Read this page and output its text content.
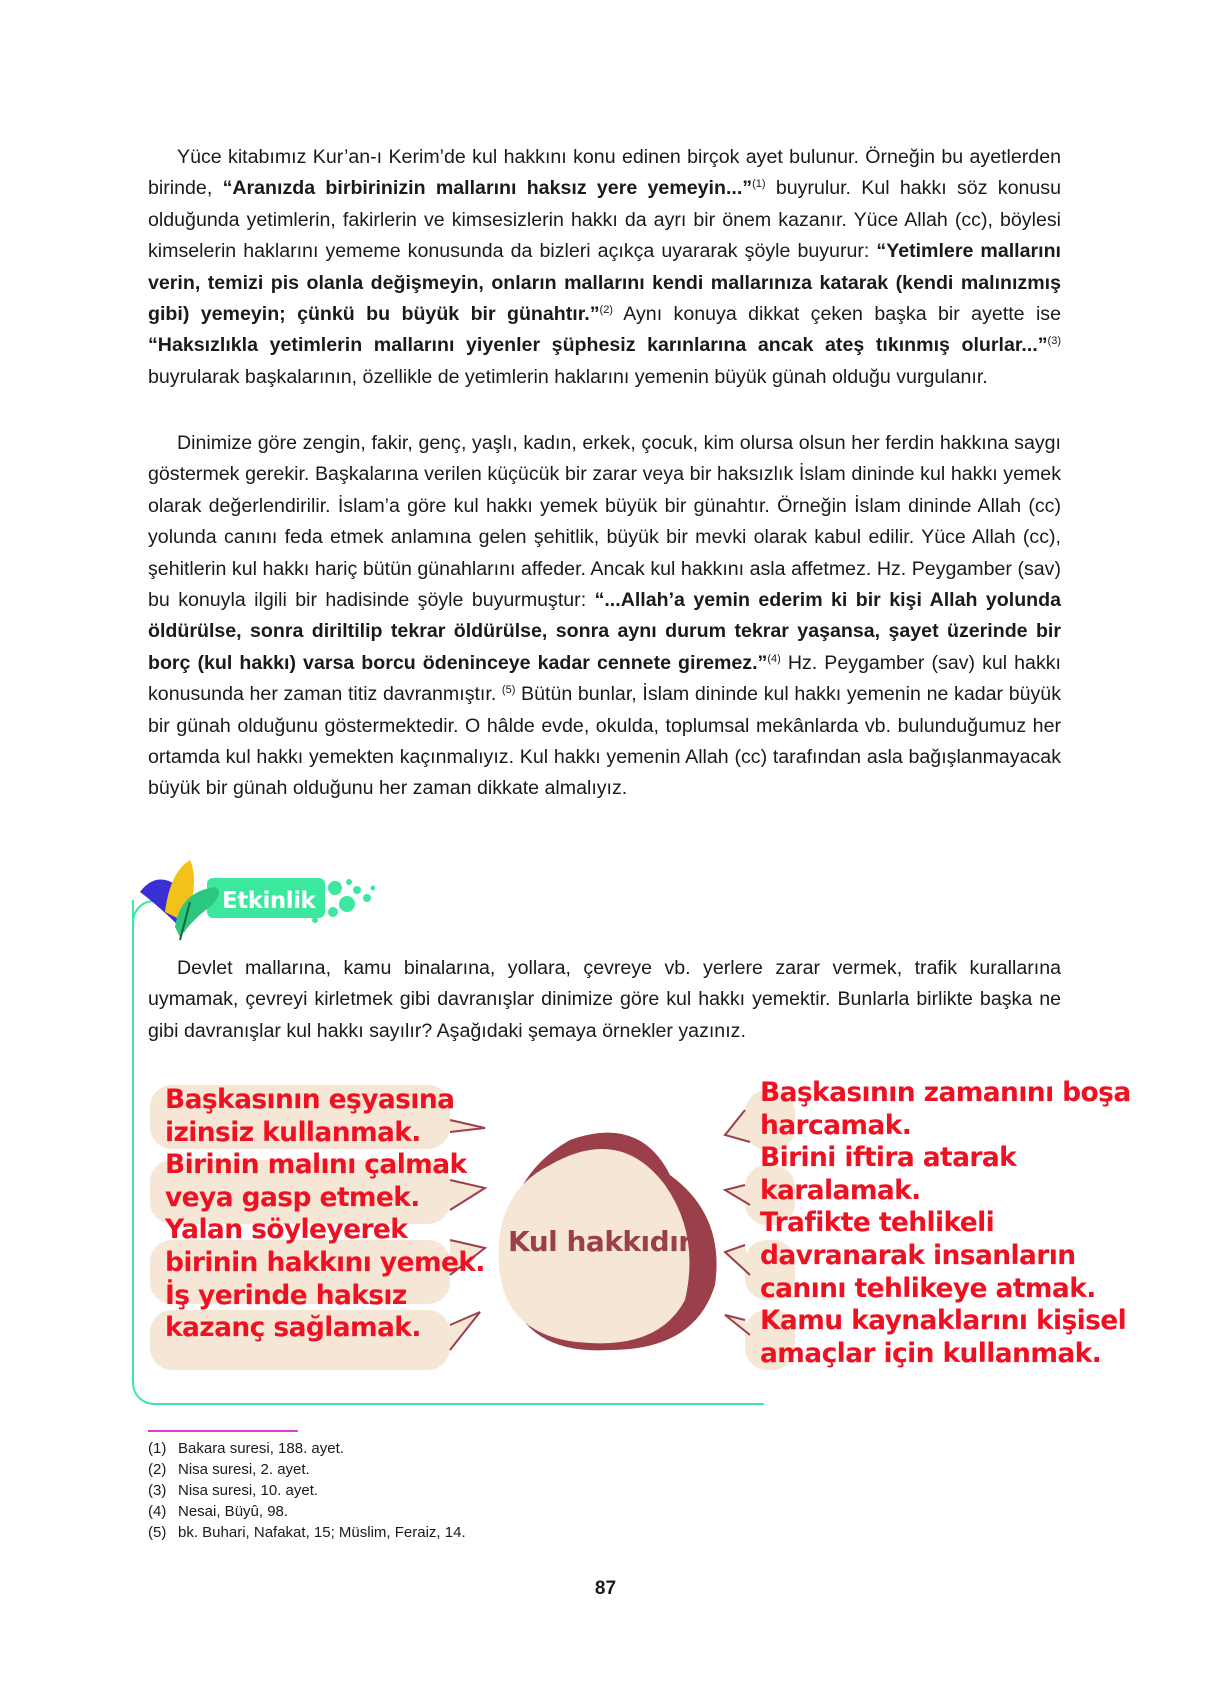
Yüce kitabımız Kur’an-ı Kerim’de kul hakkını konu edinen birçok ayet bulunur. Örneğin bu ayetlerden birinde, “Aranızda birbirinizin mallarını haksız yere yemeyin...”$^{(1)}$ buyrulur. Kul hakkı söz konusu olduğunda yetimlerin, fakirlerin ve kimsesizlerin hakkı da ayrı bir önem kazanır. Yüce Allah (cc), böylesi kimselerin haklarını yememe konusunda da bizleri açıkça uyararak şöyle buyurur: “Yetimlere mallarını verin, temizi pis olanla değişmeyin, onların mallarını kendi mallarınıza katarak (kendi malınızmış gibi) yemeyin; çünkü bu büyük bir günahtır.”$^{(2)}$ Aynı konuya dikkat çeken başka bir ayette ise “Haksızlıkla yetimlerin mallarını yiyenler şüphesiz karınlarına ancak ateş tıkınmış olurlar...”$^{(3)}$ buyrularak başkalarının, özellikle de yetimlerin haklarını yemenin büyük günah olduğu vurgulanır.

Dinimize göre zengin, fakir, genç, yaşlı, kadın, erkek, çocuk, kim olursa olsun her ferdin hakkına saygı göstermek gerekir. Başkalarına verilen küçücük bir zarar veya bir haksızlık İslam dininde kul hakkı yemek olarak değerlendirilir. İslam’a göre kul hakkı yemek büyük bir günahtır. Örneğin İslam dininde Allah (cc) yolunda canını feda etmek anlamına gelen şehitlik, büyük bir mevki olarak kabul edilir. Yüce Allah (cc), şehitlerin kul hakkı hariç bütün günahlarını affeder. Ancak kul hakkını asla affetmez. Hz. Peygamber (sav) bu konuyla ilgili bir hadisinde şöyle buyurmuştur: “...Allah’a yemin ederim ki bir kişi Allah yolunda öldürülse, sonra diriltilip tekrar öldürülse, sonra aynı durum tekrar yaşansa, şayet üzerinde bir borç (kul hakkı) varsa borcu ödeninceye kadar cennete giremez.”$^{(4)}$ Hz. Peygamber (sav) kul hakkı konusunda her zaman titiz davranmıştır. $^{(5)}$ Bütün bunlar, İslam dininde kul hakkı yemenin ne kadar büyük bir günah olduğunu göstermektedir. O hâlde evde, okulda, toplumsal mekânlarda vb. bulunduğumuz her ortamda kul hakkı yemekten kaçınmalıyız. Kul hakkı yemenin Allah (cc) tarafından asla bağışlanmayacak büyük bir günah olduğunu her zaman dikkate almalıyız.

Etkinlik

Devlet mallarına, kamu binalarına, yollara, çevreye vb. yerlere zarar vermek, trafik kurallarına uymamak, çevreyi kirletmek gibi davranışlar dinimize göre kul hakkı yemektir. Bunlarla birlikte başka ne gibi davranışlar kul hakkı sayılır? Aşağıdaki şemaya örnekler yazınız.

Kul hakkıdır.
Başkasının eşyasına
izinsiz kullanmak.
Birinin malını çalmak
veya gasp etmek.
Yalan söyleyerek
birinin hakkını yemek.
İş yerinde haksız
kazanç sağlamak.
Başkasının zamanını boşa
harcamak.
Birini iftira atarak
karalamak.
Trafikte tehlikeli
davranarak insanların
canını tehlikeye atmak.
Kamu kaynaklarını kişisel
amaçlar için kullanmak.
(1) Bakara suresi, 188. ayet.
(2) Nisa suresi, 2. ayet.
(3) Nisa suresi, 10. ayet.
(4) Nesai, Büyû, 98.
(5) bk. Buhari, Nafakat, 15; Müslim, Feraiz, 14.
87
